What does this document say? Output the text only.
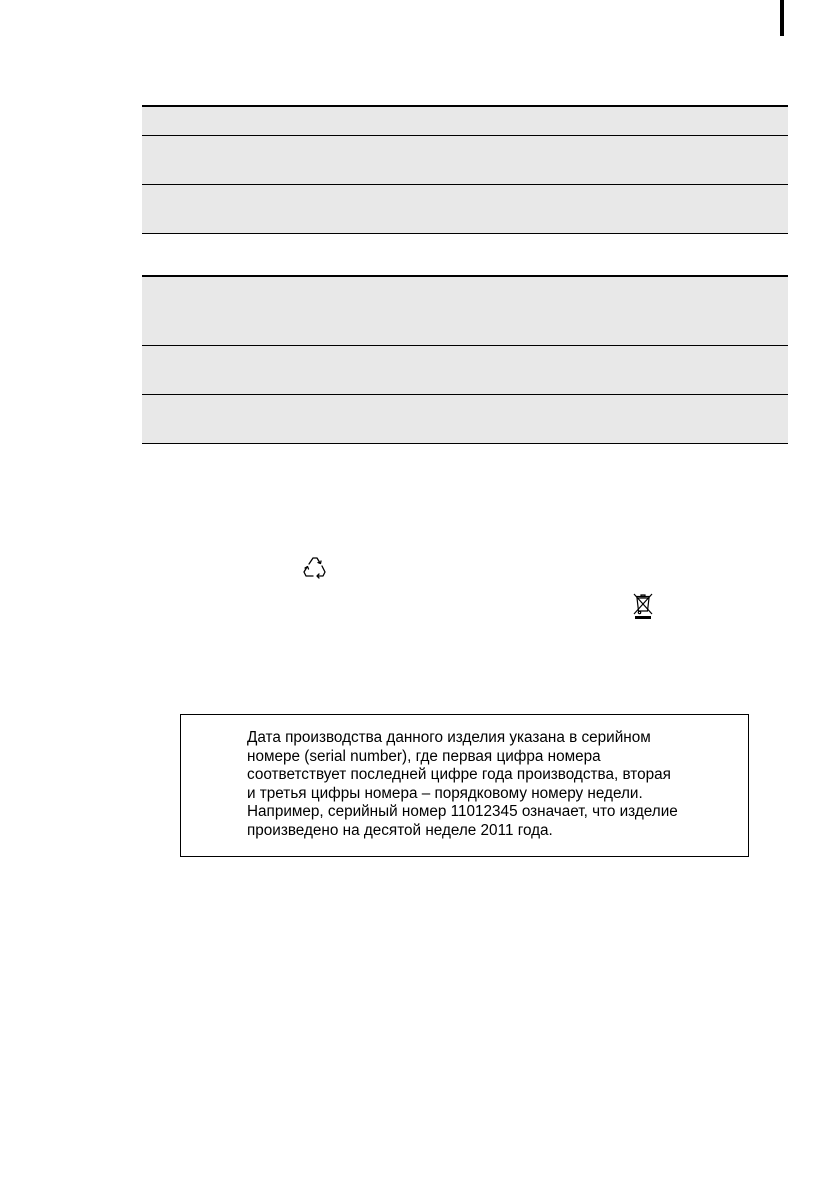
Дата производства данного изделия указана в серийном
номере (serial number), где первая цифра номера
соответствует последней цифре года производства, вторая
и третья цифры номера – порядковому номеру недели.
Например, серийный номер 11012345 означает, что изделие
произведено на десятой неделе 2011 года.
